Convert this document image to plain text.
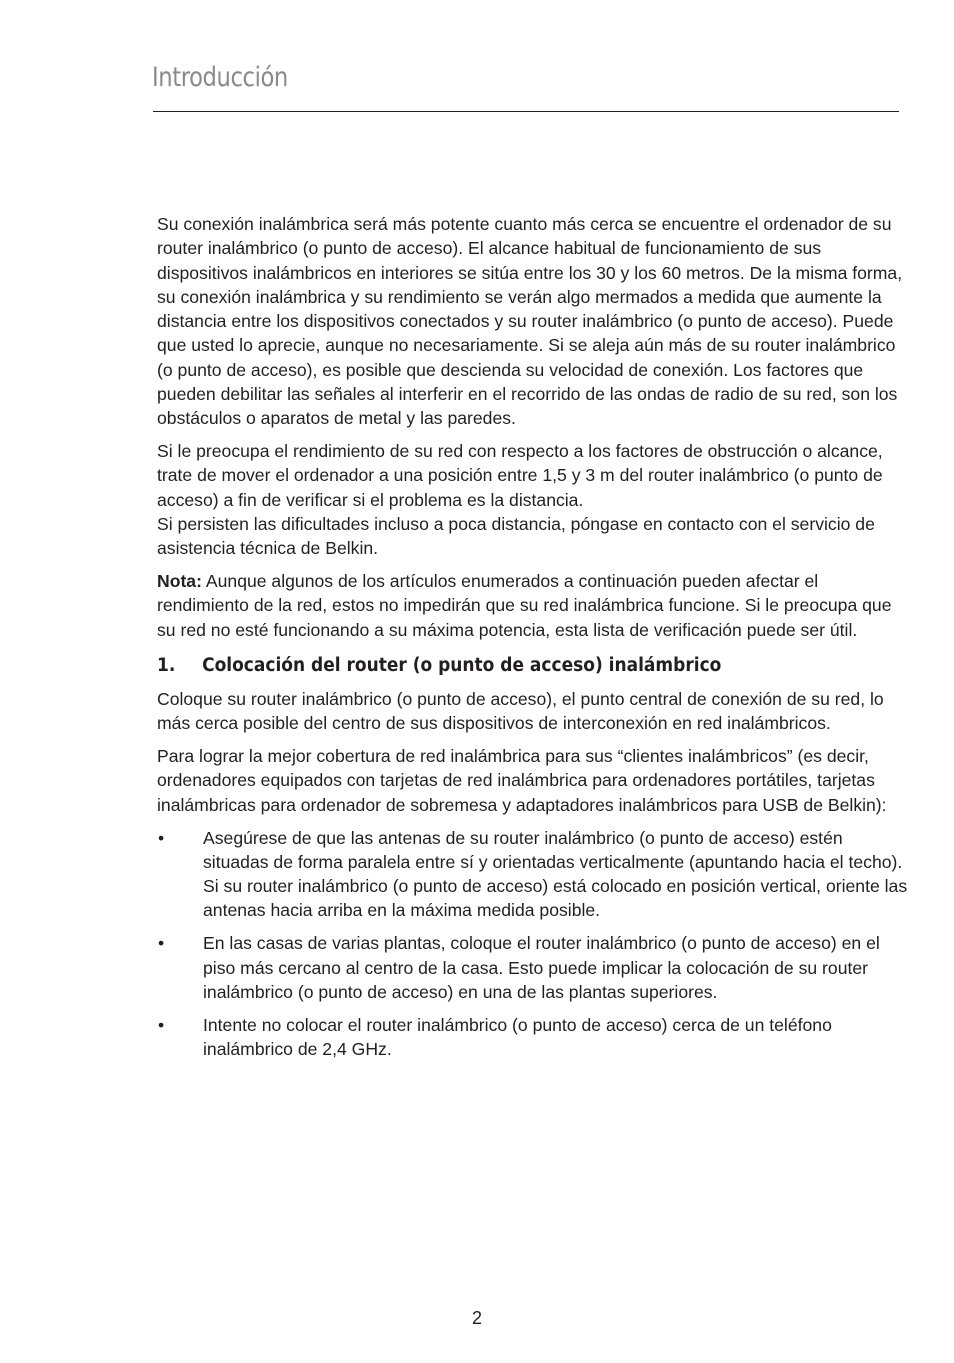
Introducción

Su conexión inalámbrica será más potente cuanto más cerca se encuentre el ordenador de su router inalámbrico (o punto de acceso). El alcance habitual de funcionamiento de sus dispositivos inalámbricos en interiores se sitúa entre los 30 y los 60 metros. De la misma forma, su conexión inalámbrica y su rendimiento se verán algo mermados a medida que aumente la distancia entre los dispositivos conectados y su router inalámbrico (o punto de acceso). Puede que usted lo aprecie, aunque no necesariamente. Si se aleja aún más de su router inalámbrico (o punto de acceso), es posible que descienda su velocidad de conexión. Los factores que pueden debilitar las señales al interferir en el recorrido de las ondas de radio de su red, son los obstáculos o aparatos de metal y las paredes.

Si le preocupa el rendimiento de su red con respecto a los factores de obstrucción o alcance, trate de mover el ordenador a una posición entre 1,5 y 3 m del router inalámbrico (o punto de acceso) a fin de verificar si el problema es la distancia.
Si persisten las dificultades incluso a poca distancia, póngase en contacto con el servicio de asistencia técnica de Belkin.

Nota: Aunque algunos de los artículos enumerados a continuación pueden afectar el rendimiento de la red, estos no impedirán que su red inalámbrica funcione. Si le preocupa que su red no esté funcionando a su máxima potencia, esta lista de verificación puede ser útil.

1.	Colocación del router (o punto de acceso) inalámbrico

Coloque su router inalámbrico (o punto de acceso), el punto central de conexión de su red, lo más cerca posible del centro de sus dispositivos de interconexión en red inalámbricos.

Para lograr la mejor cobertura de red inalámbrica para sus “clientes inalámbricos” (es decir, ordenadores equipados con tarjetas de red inalámbrica para ordenadores portátiles, tarjetas inalámbricas para ordenador de sobremesa y adaptadores inalámbricos para USB de Belkin):

•	Asegúrese de que las antenas de su router inalámbrico (o punto de acceso) estén situadas de forma paralela entre sí y orientadas verticalmente (apuntando hacia el techo). Si su router inalámbrico (o punto de acceso) está colocado en posición vertical, oriente las antenas hacia arriba en la máxima medida posible.
•	En las casas de varias plantas, coloque el router inalámbrico (o punto de acceso) en el piso más cercano al centro de la casa. Esto puede implicar la colocación de su router inalámbrico (o punto de acceso) en una de las plantas superiores.
•	Intente no colocar el router inalámbrico (o punto de acceso) cerca de un teléfono inalámbrico de 2,4 GHz.
2
